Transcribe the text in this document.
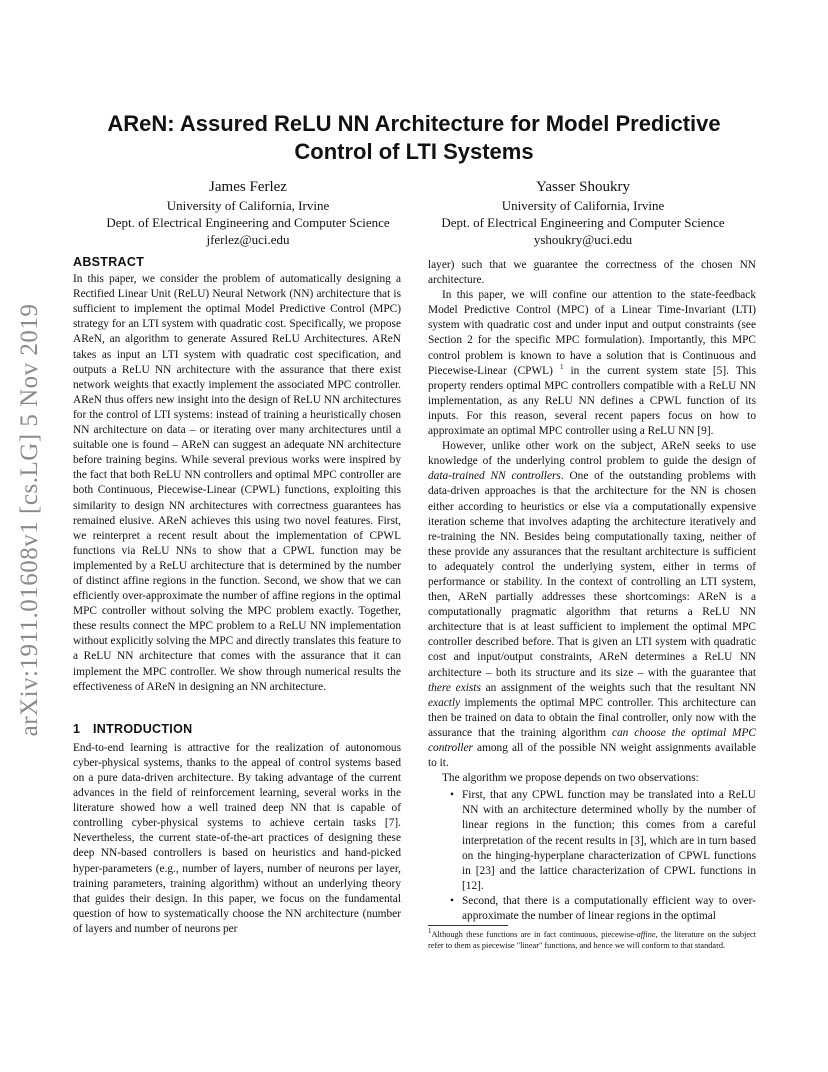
arXiv:1911.01608v1 [cs.LG] 5 Nov 2019
AReN: Assured ReLU NN Architecture for Model Predictive
Control of LTI Systems
James Ferlez
University of California, Irvine
Dept. of Electrical Engineering and Computer Science
jferlez@uci.edu
Yasser Shoukry
University of California, Irvine
Dept. of Electrical Engineering and Computer Science
yshoukry@uci.edu
ABSTRACT

In this paper, we consider the problem of automatically designing a Rectified Linear Unit (ReLU) Neural Network (NN) architecture that is sufficient to implement the optimal Model Predictive Control (MPC) strategy for an LTI system with quadratic cost. Specifically, we propose AReN, an algorithm to generate Assured ReLU Architectures. AReN takes as input an LTI system with quadratic cost specification, and outputs a ReLU NN architecture with the assurance that there exist network weights that exactly implement the associated MPC controller. AReN thus offers new insight into the design of ReLU NN architectures for the control of LTI systems: instead of training a heuristically chosen NN architecture on data – or iterating over many architectures until a suitable one is found – AReN can suggest an adequate NN architecture before training begins. While several previous works were inspired by the fact that both ReLU NN controllers and optimal MPC controller are both Continuous, Piecewise-Linear (CPWL) functions, exploiting this similarity to design NN architectures with correctness guarantees has remained elusive. AReN achieves this using two novel features. First, we reinterpret a recent result about the implementation of CPWL functions via ReLU NNs to show that a CPWL function may be implemented by a ReLU architecture that is determined by the number of distinct affine regions in the function. Second, we show that we can efficiently over-approximate the number of affine regions in the optimal MPC controller without solving the MPC problem exactly. Together, these results connect the MPC problem to a ReLU NN implementation without explicitly solving the MPC and directly translates this feature to a ReLU NN architecture that comes with the assurance that it can implement the MPC controller. We show through numerical results the effectiveness of AReN in designing an NN architecture.

1 INTRODUCTION

End-to-end learning is attractive for the realization of autonomous cyber-physical systems, thanks to the appeal of control systems based on a pure data-driven architecture. By taking advantage of the current advances in the field of reinforcement learning, several works in the literature showed how a well trained deep NN that is capable of controlling cyber-physical systems to achieve certain tasks [7]. Nevertheless, the current state-of-the-art practices of designing these deep NN-based controllers is based on heuristics and hand-picked hyper-parameters (e.g., number of layers, number of neurons per layer, training parameters, training algorithm) without an underlying theory that guides their design. In this paper, we focus on the fundamental question of how to systematically choose the NN architecture (number of layers and number of neurons per

layer) such that we guarantee the correctness of the chosen NN architecture.

In this paper, we will confine our attention to the state-feedback Model Predictive Control (MPC) of a Linear Time-Invariant (LTI) system with quadratic cost and under input and output constraints (see Section 2 for the specific MPC formulation). Importantly, this MPC control problem is known to have a solution that is Continuous and Piecewise-Linear (CPWL) $^1$ in the current system state [5]. This property renders optimal MPC controllers compatible with a ReLU NN implementation, as any ReLU NN defines a CPWL function of its inputs. For this reason, several recent papers focus on how to approximate an optimal MPC controller using a ReLU NN [9].

However, unlike other work on the subject, AReN seeks to use knowledge of the underlying control problem to guide the design of data-trained NN controllers. One of the outstanding problems with data-driven approaches is that the architecture for the NN is chosen either according to heuristics or else via a computationally expensive iteration scheme that involves adapting the architecture iteratively and re-training the NN. Besides being computationally taxing, neither of these provide any assurances that the resultant architecture is sufficient to adequately control the underlying system, either in terms of performance or stability. In the context of controlling an LTI system, then, AReN partially addresses these shortcomings: AReN is a computationally pragmatic algorithm that returns a ReLU NN architecture that is at least sufficient to implement the optimal MPC controller described before. That is given an LTI system with quadratic cost and input/output constraints, AReN determines a ReLU NN architecture – both its structure and its size – with the guarantee that there exists an assignment of the weights such that the resultant NN exactly implements the optimal MPC controller. This architecture can then be trained on data to obtain the final controller, only now with the assurance that the training algorithm can choose the optimal MPC controller among all of the possible NN weight assignments available to it.

The algorithm we propose depends on two observations:

• First, that any CPWL function may be translated into a ReLU NN with an architecture determined wholly by the number of linear regions in the function; this comes from a careful interpretation of the recent results in [3], which are in turn based on the hinging-hyperplane characterization of CPWL functions in [23] and the lattice characterization of CPWL functions in [12].
• Second, that there is a computationally efficient way to over-approximate the number of linear regions in the optimal
$^1$Although these functions are in fact continuous, piecewise-affine, the literature on the subject refer to them as piecewise "linear" functions, and hence we will conform to that standard.
